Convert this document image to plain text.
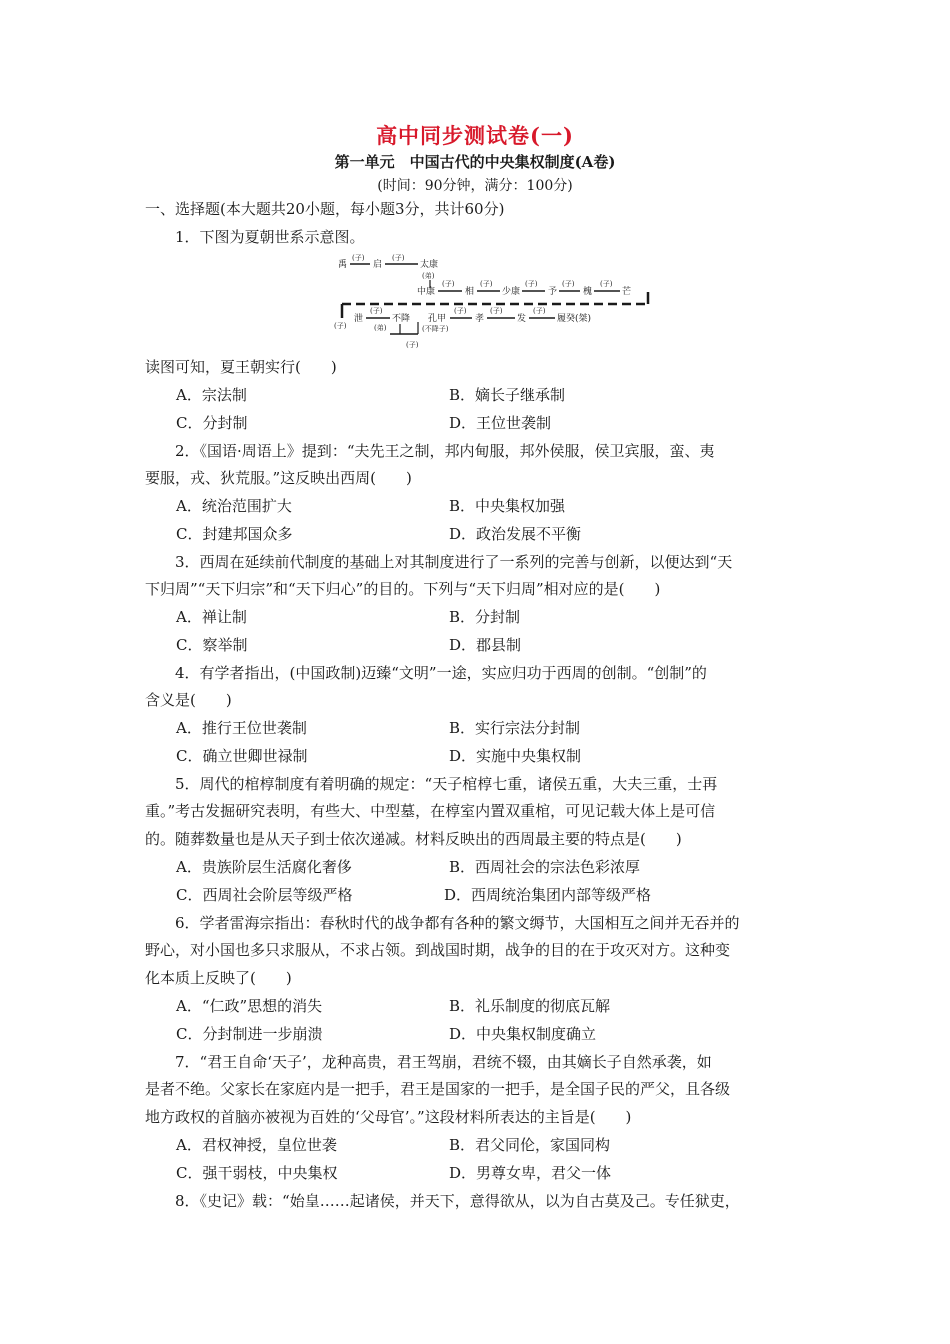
高中同步测试卷(一)
第一单元　中国古代的中央集权制度(A卷)
(时间：90分钟，满分：100分)
一、选择题(本大题共20小题，每小题3分，共计60分)
1．下图为夏朝世系示意图。
禹
(子)
启
(子)
太康
(弟)
中康
(子)
相
(子)
少康
(子)
予
(子)
槐
(子)
芒
(子)
泄
(子)
不降
(弟)
(子)
孔甲
(不降子)
(子)
孝
(子)
发
(子)
履癸(桀)
读图可知，夏王朝实行(　　)
A．宗法制	B．嫡长子继承制
C．分封制	D．王位世袭制
2．《国语·周语上》提到：“夫先王之制，邦内甸服，邦外侯服，侯卫宾服，蛮、夷
要服，戎、狄荒服。”这反映出西周(　　)
A．统治范围扩大	B．中央集权加强
C．封建邦国众多	D．政治发展不平衡
3．西周在延续前代制度的基础上对其制度进行了一系列的完善与创新，以便达到“天
下归周”“天下归宗”和“天下归心”的目的。下列与“天下归周”相对应的是(　　)
A．禅让制	B．分封制
C．察举制	D．郡县制
4．有学者指出，(中国政制)迈臻“文明”一途，实应归功于西周的创制。“创制”的
含义是(　　)
A．推行王位世袭制	B．实行宗法分封制
C．确立世卿世禄制	D．实施中央集权制
5．周代的棺椁制度有着明确的规定：“天子棺椁七重，诸侯五重，大夫三重，士再
重。”考古发掘研究表明，有些大、中型墓，在椁室内置双重棺，可见记载大体上是可信
的。随葬数量也是从天子到士依次递减。材料反映出的西周最主要的特点是(　　)
A．贵族阶层生活腐化奢侈	B．西周社会的宗法色彩浓厚
C．西周社会阶层等级严格	D．西周统治集团内部等级严格
6．学者雷海宗指出：春秋时代的战争都有各种的繁文缛节，大国相互之间并无吞并的
野心，对小国也多只求服从，不求占领。到战国时期，战争的目的在于攻灭对方。这种变
化本质上反映了(　　)
A．“仁政”思想的消失	B．礼乐制度的彻底瓦解
C．分封制进一步崩溃	D．中央集权制度确立
7．“君王自命‘天子’，龙种高贵，君王驾崩，君统不辍，由其嫡长子自然承袭，如
是者不绝。父家长在家庭内是一把手，君王是国家的一把手，是全国子民的严父，且各级
地方政权的首脑亦被视为百姓的‘父母官’。”这段材料所表达的主旨是(　　)
A．君权神授，皇位世袭	B．君父同伦，家国同构
C．强干弱枝，中央集权	D．男尊女卑，君父一体
8．《史记》载：“始皇……起诸侯，并天下，意得欲从，以为自古莫及己。专任狱吏，
